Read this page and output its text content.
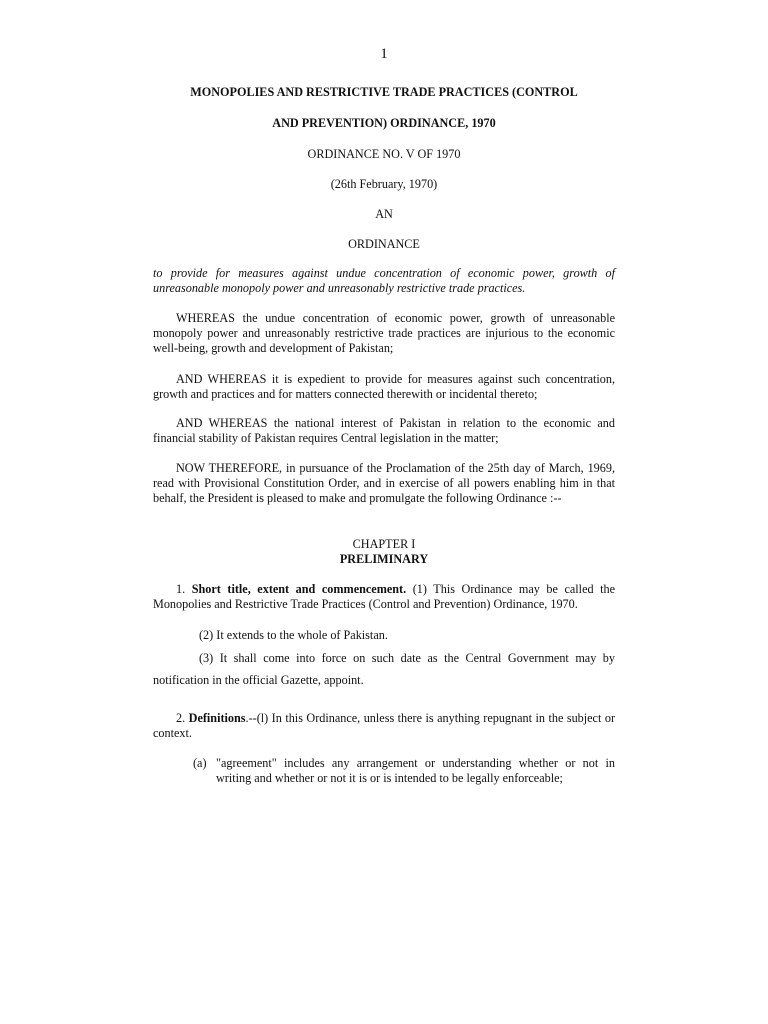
1
MONOPOLIES AND RESTRICTIVE TRADE PRACTICES (CONTROL
AND PREVENTION) ORDINANCE, 1970
ORDINANCE NO. V OF 1970
(26th February, 1970)
AN
ORDINANCE
to provide for measures against undue concentration of economic power, growth of unreasonable monopoly power and unreasonably restrictive trade practices.
WHEREAS the undue concentration of economic power, growth of unreasonable monopoly power and unreasonably restrictive trade practices are injurious to the economic well-being, growth and development of Pakistan;
AND WHEREAS it is expedient to provide for measures against such concentration, growth and practices and for matters connected therewith or incidental thereto;
AND WHEREAS the national interest of Pakistan in relation to the economic and financial stability of Pakistan requires Central legislation in the matter;
NOW THEREFORE, in pursuance of the Proclamation of the 25th day of March, 1969, read with Provisional Constitution Order, and in exercise of all powers enabling him in that behalf, the President is pleased to make and promulgate the following Ordinance :--
CHAPTER I
PRELIMINARY
1. Short title, extent and commencement. (1) This Ordinance may be called the Monopolies and Restrictive Trade Practices (Control and Prevention) Ordinance, 1970.
(2) It extends to the whole of Pakistan.
(3) It shall come into force on such date as the Central Government may by
notification in the official Gazette, appoint.
2. Definitions.--(l) In this Ordinance, unless there is anything repugnant in the subject or context.
(a) "agreement" includes any arrangement or understanding whether or not in writing and whether or not it is or is intended to be legally enforceable;
